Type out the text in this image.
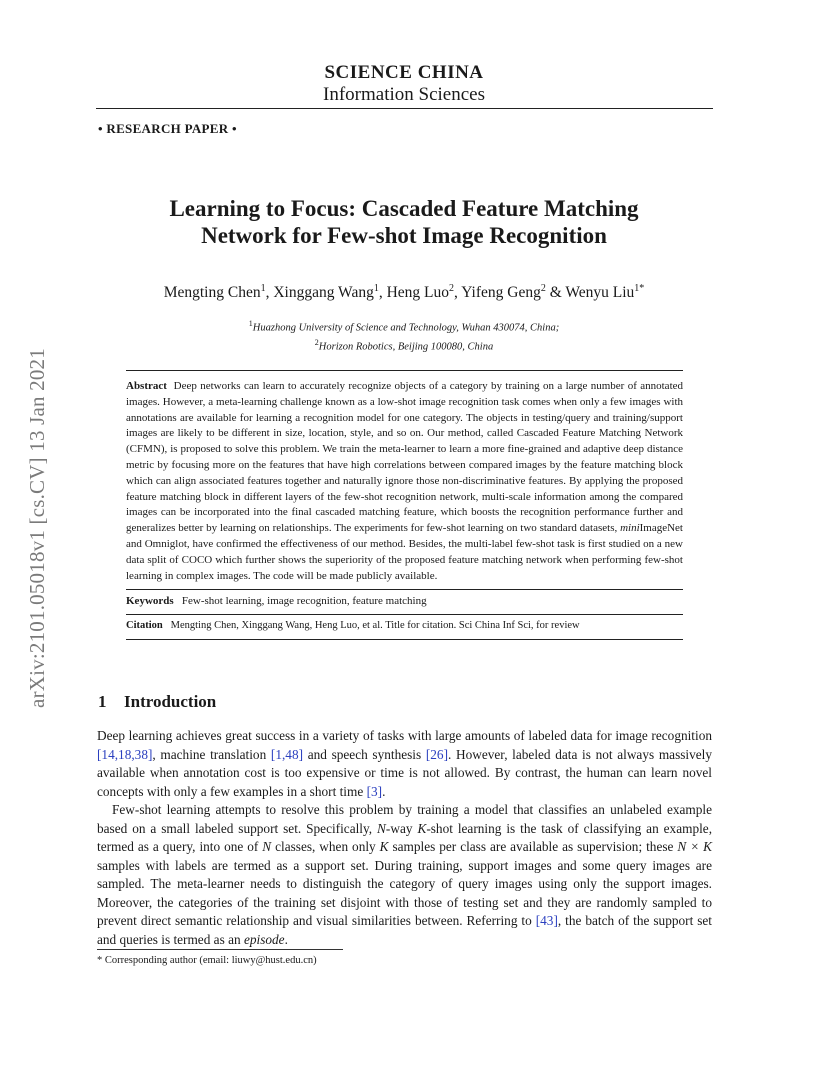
arXiv:2101.05018v1 [cs.CV] 13 Jan 2021
SCIENCE CHINA
Information Sciences
• RESEARCH PAPER •
Learning to Focus: Cascaded Feature Matching
Network for Few-shot Image Recognition
Mengting Chen$^1$, Xinggang Wang$^1$, Heng Luo$^2$, Yifeng Geng$^2$ & Wenyu Liu$^{1*}$
$^1$Huazhong University of Science and Technology, Wuhan 430074, China;
$^2$Horizon Robotics, Beijing 100080, China
Abstract Deep networks can learn to accurately recognize objects of a category by training on a large number of annotated images. However, a meta-learning challenge known as a low-shot image recognition task comes when only a few images with annotations are available for learning a recognition model for one category. The objects in testing/query and training/support images are likely to be different in size, location, style, and so on. Our method, called Cascaded Feature Matching Network (CFMN), is proposed to solve this problem. We train the meta-learner to learn a more fine-grained and adaptive deep distance metric by focusing more on the features that have high correlations between compared images by the feature matching block which can align associated features together and naturally ignore those non-discriminative features. By applying the proposed feature matching block in different layers of the few-shot recognition network, multi-scale information among the compared images can be incorporated into the final cascaded matching feature, which boosts the recognition performance further and generalizes better by learning on relationships. The experiments for few-shot learning on two standard datasets, miniImageNet and Omniglot, have confirmed the effectiveness of our method. Besides, the multi-label few-shot task is first studied on a new data split of COCO which further shows the superiority of the proposed feature matching network when performing few-shot learning in complex images. The code will be made publicly available.
Keywords Few-shot learning, image recognition, feature matching
Citation Mengting Chen, Xinggang Wang, Heng Luo, et al. Title for citation. Sci China Inf Sci, for review
1 Introduction

Deep learning achieves great success in a variety of tasks with large amounts of labeled data for image recognition [14,18,38], machine translation [1,48] and speech synthesis [26]. However, labeled data is not always massively available when annotation cost is too expensive or time is not allowed. By contrast, the human can learn novel concepts with only a few examples in a short time [3].

Few-shot learning attempts to resolve this problem by training a model that classifies an unlabeled example based on a small labeled support set. Specifically, N-way K-shot learning is the task of classifying an example, termed as a query, into one of N classes, when only K samples per class are available as supervision; these N × K samples with labels are termed as a support set. During training, support images and some query images are sampled. The meta-learner needs to distinguish the category of query images using only the support images. Moreover, the categories of the training set disjoint with those of testing set and they are randomly sampled to prevent direct semantic relationship and visual similarities between. Referring to [43], the batch of the support set and queries is termed as an episode.

* Corresponding author (email: liuwy@hust.edu.cn)
